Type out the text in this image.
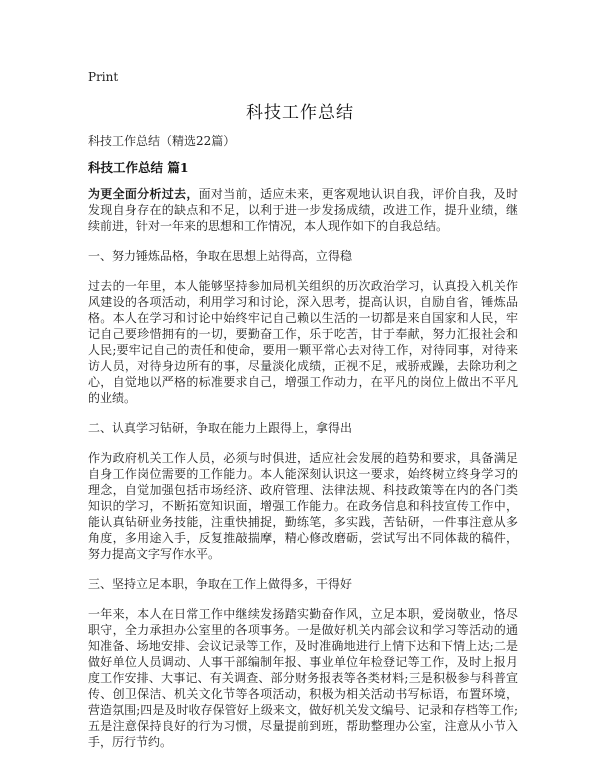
Print
科技工作总结
科技工作总结（精选22篇）
科技工作总结 篇1

为更全面分析过去，面对当前，适应未来，更客观地认识自我，评价自我，及时发现自身存在的缺点和不足，以利于进一步发扬成绩，改进工作，提升业绩，继续前进，针对一年来的思想和工作情况，本人现作如下的自我总结。

一、努力锤炼品格，争取在思想上站得高，立得稳

过去的一年里，本人能够坚持参加局机关组织的历次政治学习，认真投入机关作风建设的各项活动，利用学习和讨论，深入思考，提高认识，自励自省，锤炼品格。本人在学习和讨论中始终牢记自己赖以生活的一切都是来自国家和人民，牢记自己要珍惜拥有的一切，要勤奋工作，乐于吃苦，甘于奉献，努力汇报社会和人民;要牢记自己的责任和使命，要用一颗平常心去对待工作，对待同事，对待来访人员，对待身边所有的事，尽量淡化成绩，正视不足，戒骄戒躁，去除功利之心，自觉地以严格的标准要求自己，增强工作动力，在平凡的岗位上做出不平凡的业绩。

二、认真学习钻研，争取在能力上跟得上，拿得出

作为政府机关工作人员，必须与时俱进，适应社会发展的趋势和要求，具备满足自身工作岗位需要的工作能力。本人能深刻认识这一要求，始终树立终身学习的理念，自觉加强包括市场经济、政府管理、法律法规、科技政策等在内的各门类知识的学习，不断拓宽知识面，增强工作能力。在政务信息和科技宣传工作中，能认真钻研业务技能，注重快捕捉，勤练笔，多实践，苦钻研，一件事注意从多角度，多用途入手，反复推敲揣摩，精心修改磨砺，尝试写出不同体裁的稿件，努力提高文字写作水平。

三、坚持立足本职，争取在工作上做得多，干得好

一年来，本人在日常工作中继续发扬踏实勤奋作风，立足本职，爱岗敬业，恪尽职守，全力承担办公室里的各项事务。一是做好机关内部会议和学习等活动的通知准备、场地安排、会议记录等工作，及时准确地进行上情下达和下情上达;二是做好单位人员调动、人事干部编制年报、事业单位年检登记等工作，及时上报月度工作安排、大事记、有关调查、部分财务报表等各类材料;三是积极参与科普宣传、创卫保洁、机关文化节等各项活动，积极为相关活动书写标语，布置环境，营造氛围;四是及时收存保管好上级来文，做好机关发文编号、记录和存档等工作;五是注意保持良好的行为习惯，尽量提前到班，帮助整理办公室，注意从小节入手，厉行节约。
